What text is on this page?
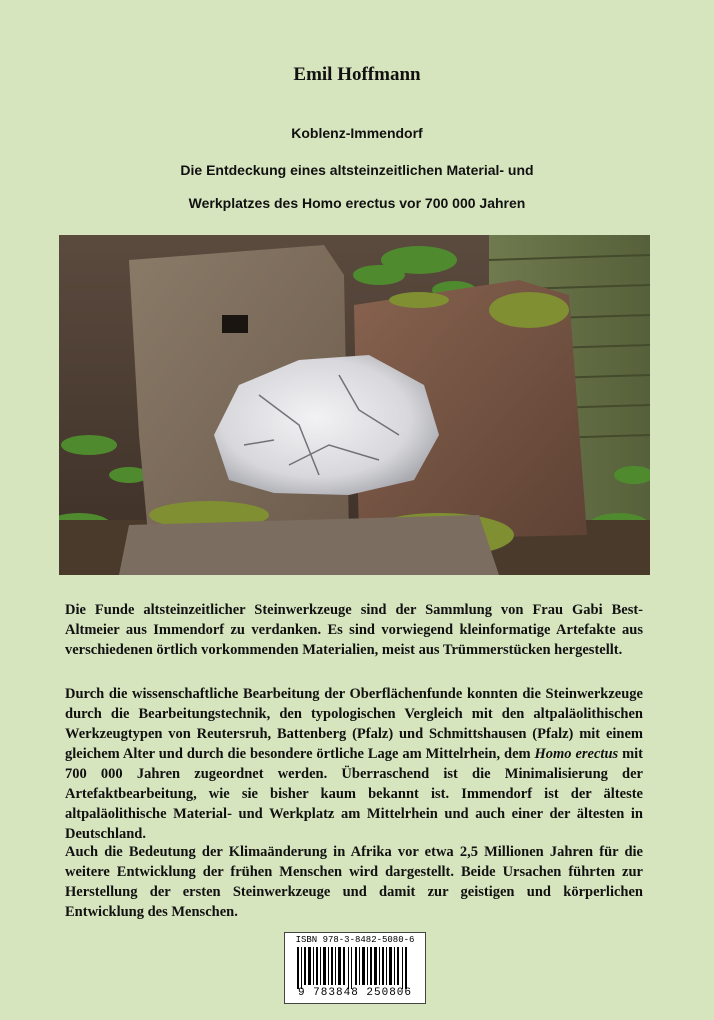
Emil Hoffmann
Koblenz-Immendorf
Die Entdeckung eines altsteinzeitlichen Material- und
Werkplatzes des Homo erectus vor 700 000 Jahren

Die Funde altsteinzeitlicher Steinwerkzeuge sind der Sammlung von Frau Gabi Best-Altmeier aus Immendorf zu verdanken. Es sind vorwiegend kleinformatige Artefakte aus verschiedenen örtlich vorkommenden Materialien, meist aus Trümmerstücken hergestellt.

Durch die wissenschaftliche Bearbeitung der Oberflächenfunde konnten die Steinwerkzeuge durch die Bearbeitungstechnik, den typologischen Vergleich mit den altpaläolithischen Werkzeugtypen von Reutersruh, Battenberg (Pfalz) und Schmittshausen (Pfalz) mit einem gleichem Alter und durch die besondere örtliche Lage am Mittelrhein, dem Homo erectus mit 700 000 Jahren zugeordnet werden. Überraschend ist die Minimalisierung der Artefaktbearbeitung, wie sie bisher kaum bekannt ist. Immendorf ist der älteste altpaläolithische Material- und Werkplatz am Mittelrhein und auch einer der ältesten in Deutschland.

Auch die Bedeutung der Klimaänderung in Afrika vor etwa 2,5 Millionen Jahren für die weitere Entwicklung der frühen Menschen wird dargestellt. Beide Ursachen führten zur Herstellung der ersten Steinwerkzeuge und damit zur geistigen und körperlichen Entwicklung des Menschen.

ISBN 978-3-8482-5080-6
9 783848 250806
